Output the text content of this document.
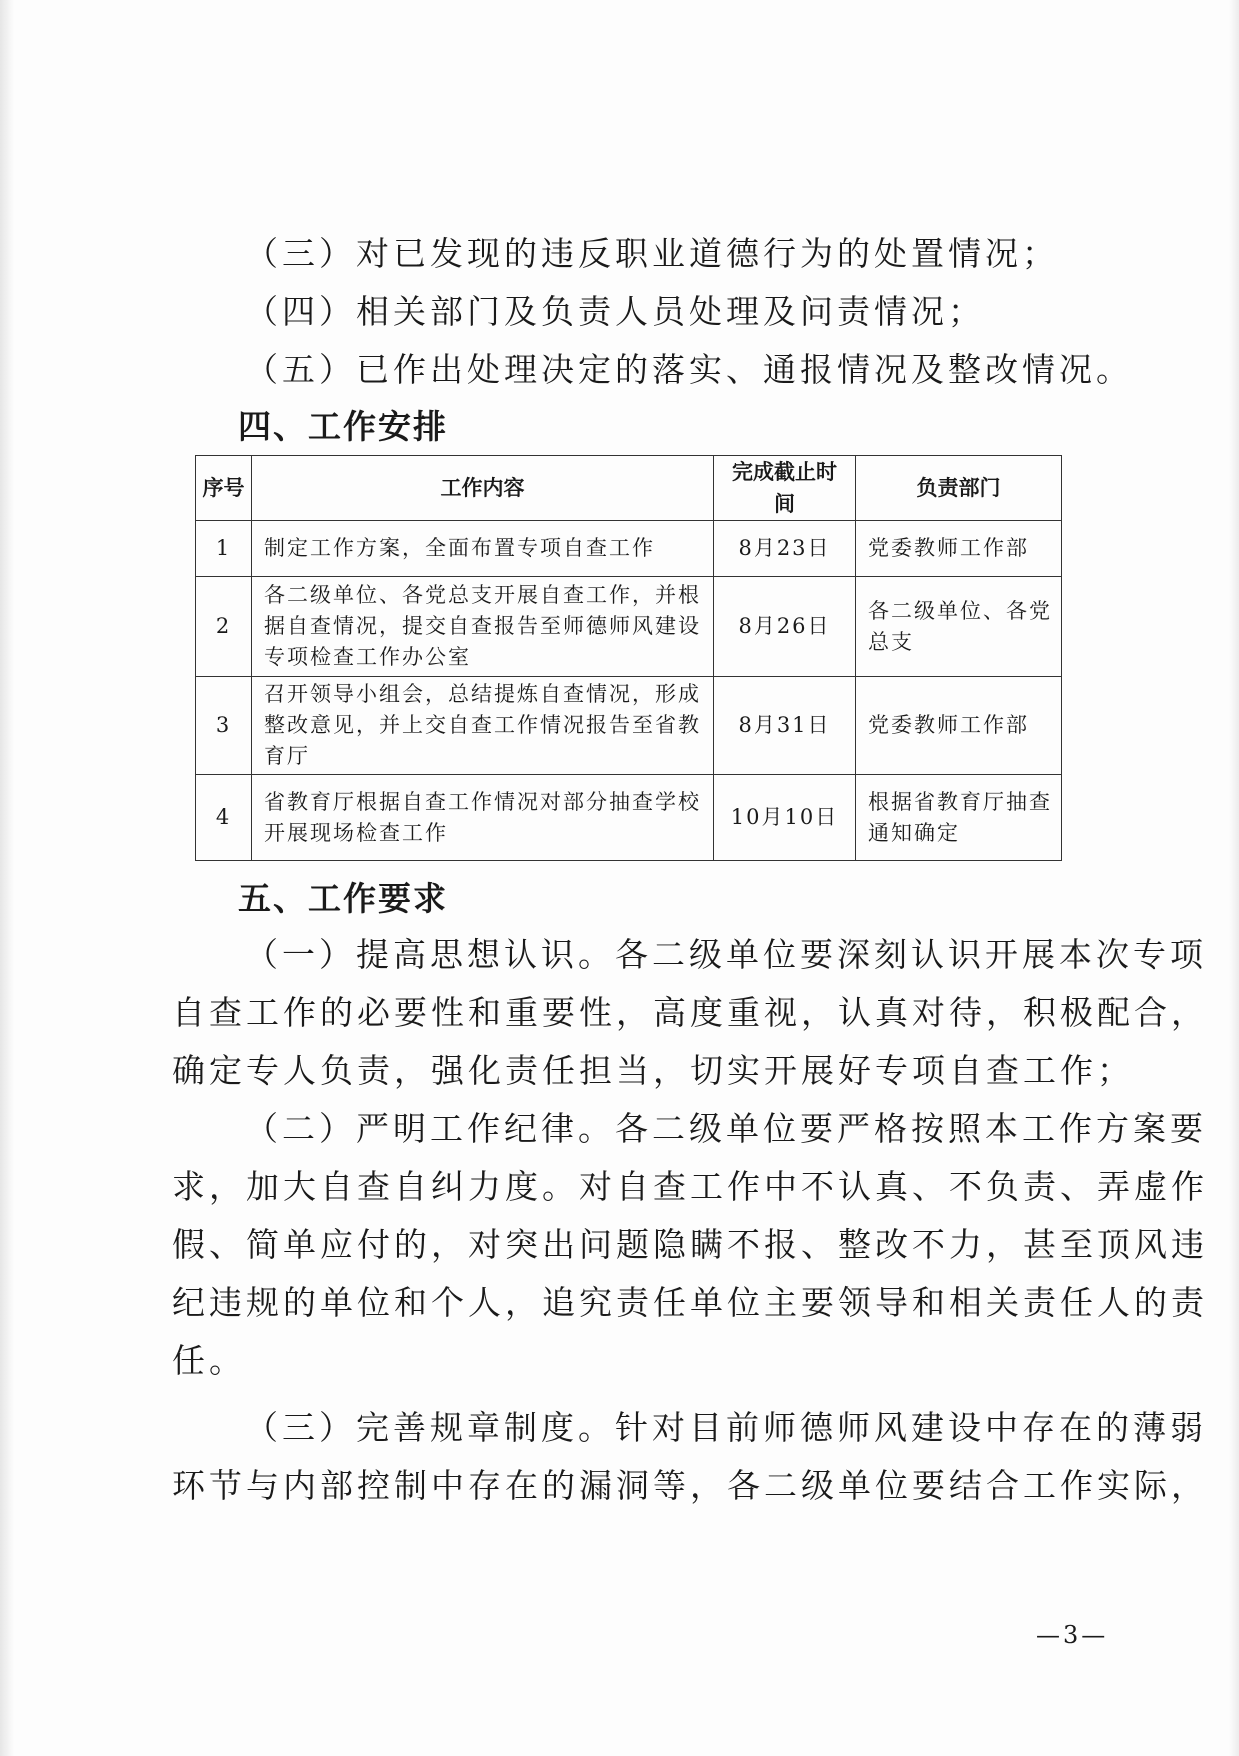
（三）对已发现的违反职业道德行为的处置情况；
（四）相关部门及负责人员处理及问责情况；
（五）已作出处理决定的落实、通报情况及整改情况。
四、工作安排
序号	工作内容	完成截止时间	负责部门
1	制定工作方案，全面布置专项自查工作	8月23日	党委教师工作部
2	各二级单位、各党总支开展自查工作，并根据自查情况，提交自查报告至师德师风建设专项检查工作办公室	8月26日	各二级单位、各党总支
3	召开领导小组会，总结提炼自查情况，形成整改意见，并上交自查工作情况报告至省教育厅	8月31日	党委教师工作部
4	省教育厅根据自查工作情况对部分抽查学校开展现场检查工作	10月10日	根据省教育厅抽查通知确定
五、工作要求
（一）提高思想认识。各二级单位要深刻认识开展本次专项
自查工作的必要性和重要性，高度重视，认真对待，积极配合，
确定专人负责，强化责任担当，切实开展好专项自查工作；
（二）严明工作纪律。各二级单位要严格按照本工作方案要
求，加大自查自纠力度。对自查工作中不认真、不负责、弄虚作
假、简单应付的，对突出问题隐瞒不报、整改不力，甚至顶风违
纪违规的单位和个人，追究责任单位主要领导和相关责任人的责
任。
（三）完善规章制度。针对目前师德师风建设中存在的薄弱
环节与内部控制中存在的漏洞等，各二级单位要结合工作实际，
—3—
